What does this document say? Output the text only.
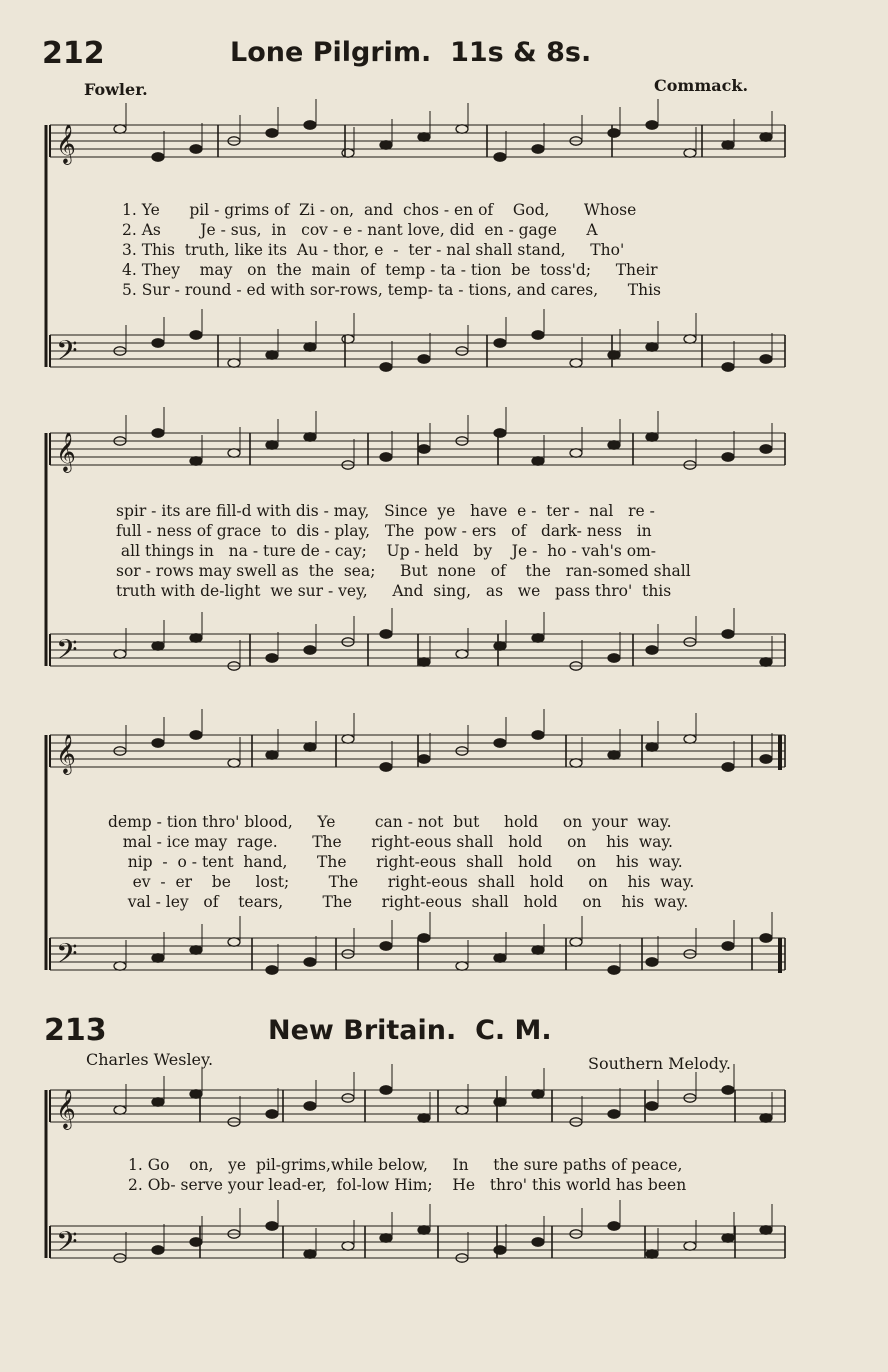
212	Lone Pilgrim. 11s & 8s.
Fowler.	Commack.
𝄞
𝄢
𝄞
𝄢
𝄞
𝄢
𝄞
𝄢
1. Ye      pil - grims of  Zi - on,  and  chos - en of    God,       Whose
2. As        Je - sus,  in   cov - e - nant love, did  en - gage      A
3. This  truth, like its  Au - thor, e  -  ter - nal shall stand,     Tho'
4. They    may   on  the  main  of  temp - ta - tion  be  toss'd;     Their
5. Sur - round - ed with sor-rows, temp- ta - tions, and cares,      This
spir - its are fill-d with dis - may,   Since  ye   have  e -  ter -  nal   re -
full - ness of grace  to  dis - play,   The  pow - ers   of   dark- ness   in
all things in   na - ture de - cay;    Up - held   by    Je -  ho - vah's om-
sor - rows may swell as  the  sea;     But  none   of    the   ran-somed shall
truth with de-light  we sur - vey,     And  sing,   as   we   pass thro'  this
demp - tion thro' blood,     Ye        can - not  but     hold     on  your  way.
mal - ice may  rage.       The      right-eous shall   hold     on    his  way.
nip  -  o - tent  hand,      The      right-eous  shall   hold     on    his  way.
ev  -  er    be     lost;        The      right-eous  shall   hold     on    his  way.
val - ley   of    tears,        The      right-eous  shall   hold     on    his  way.
213	New Britain. C. M.
Charles Wesley.	Southern Melody.
1. Go    on,   ye  pil-grims,while below,     In     the sure paths of peace,
2. Ob- serve your lead-er,  fol-low Him;    He   thro' this world has been
